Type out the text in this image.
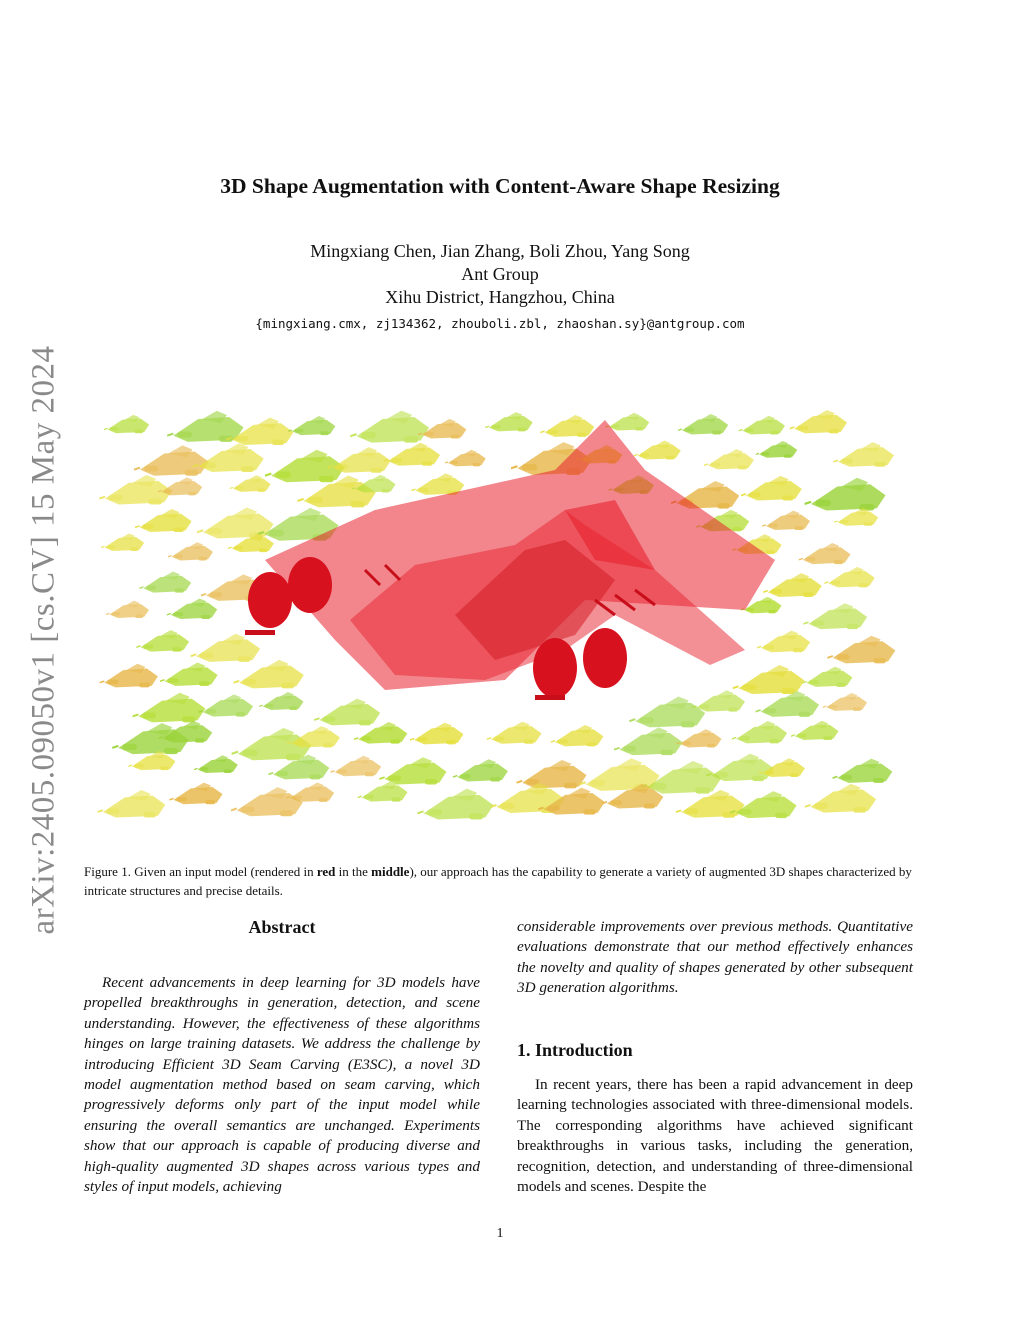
arXiv:2405.09050v1 [cs.CV] 15 May 2024
3D Shape Augmentation with Content-Aware Shape Resizing
Mingxiang Chen, Jian Zhang, Boli Zhou, Yang Song
Ant Group
Xihu District, Hangzhou, China
{mingxiang.cmx, zj134362, zhouboli.zbl, zhaoshan.sy}@antgroup.com
Figure 1. Given an input model (rendered in red in the middle), our approach has the capability to generate a variety of augmented 3D shapes characterized by intricate structures and precise details.
Abstract
Recent advancements in deep learning for 3D models have propelled breakthroughs in generation, detection, and scene understanding. However, the effectiveness of these algorithms hinges on large training datasets. We address the challenge by introducing Efficient 3D Seam Carving (E3SC), a novel 3D model augmentation method based on seam carving, which progressively deforms only part of the input model while ensuring the overall semantics are unchanged. Experiments show that our approach is capable of producing diverse and high-quality augmented 3D shapes across various types and styles of input models, achieving
considerable improvements over previous methods. Quantitative evaluations demonstrate that our method effectively enhances the novelty and quality of shapes generated by other subsequent 3D generation algorithms.
1. Introduction
In recent years, there has been a rapid advancement in deep learning technologies associated with three-dimensional models. The corresponding algorithms have achieved significant breakthroughs in various tasks, including the generation, recognition, detection, and understanding of three-dimensional models and scenes. Despite the
1
